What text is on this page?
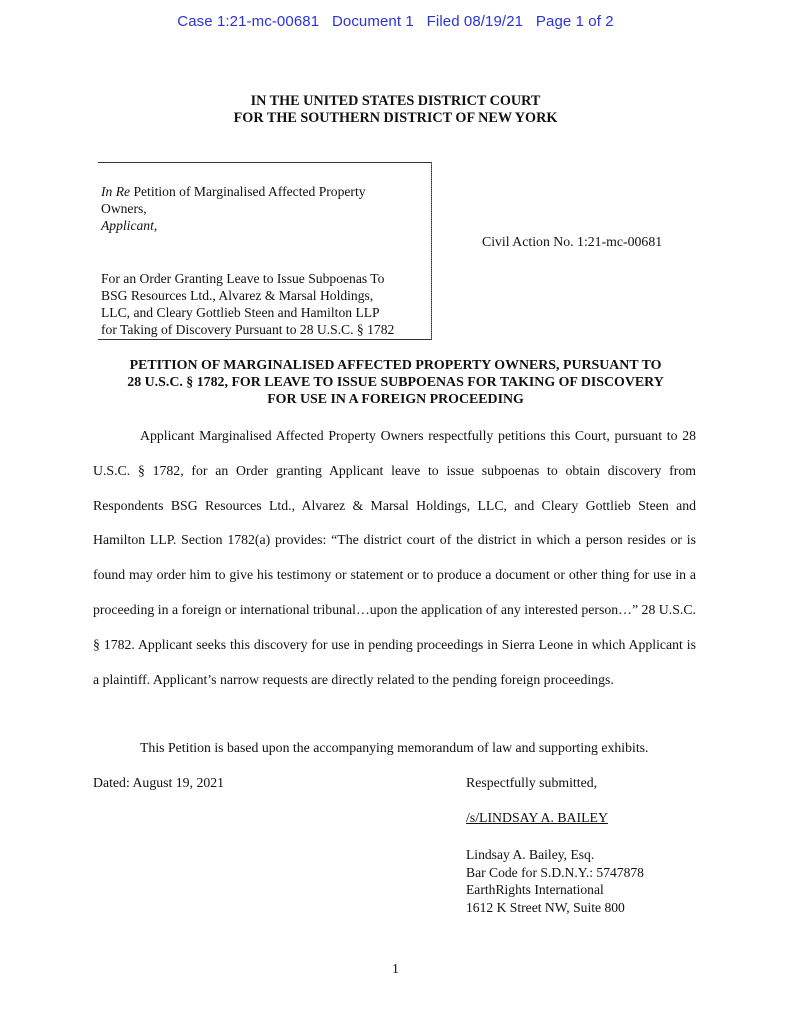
Case 1:21-mc-00681   Document 1   Filed 08/19/21   Page 1 of 2
IN THE UNITED STATES DISTRICT COURT
FOR THE SOUTHERN DISTRICT OF NEW YORK
In Re Petition of Marginalised Affected Property
Owners,
Applicant,
For an Order Granting Leave to Issue Subpoenas To
BSG Resources Ltd., Alvarez & Marsal Holdings,
LLC, and Cleary Gottlieb Steen and Hamilton LLP
for Taking of Discovery Pursuant to 28 U.S.C. § 1782
Civil Action No. 1:21-mc-00681
PETITION OF MARGINALISED AFFECTED PROPERTY OWNERS, PURSUANT TO
28 U.S.C. § 1782, FOR LEAVE TO ISSUE SUBPOENAS FOR TAKING OF DISCOVERY
FOR USE IN A FOREIGN PROCEEDING
Applicant Marginalised Affected Property Owners respectfully petitions this Court, pursuant to 28 U.S.C. § 1782, for an Order granting Applicant leave to issue subpoenas to obtain discovery from Respondents BSG Resources Ltd., Alvarez & Marsal Holdings, LLC, and Cleary Gottlieb Steen and Hamilton LLP. Section 1782(a) provides: “The district court of the district in which a person resides or is found may order him to give his testimony or statement or to produce a document or other thing for use in a proceeding in a foreign or international tribunal…upon the application of any interested person…” 28 U.S.C. § 1782. Applicant seeks this discovery for use in pending proceedings in Sierra Leone in which Applicant is a plaintiff. Applicant’s narrow requests are directly related to the pending foreign proceedings.
This Petition is based upon the accompanying memorandum of law and supporting exhibits.
Dated: August 19, 2021	Respectfully submitted,
/s/LINDSAY A. BAILEY
Lindsay A. Bailey, Esq.
Bar Code for S.D.N.Y.: 5747878
EarthRights International
1612 K Street NW, Suite 800
1
